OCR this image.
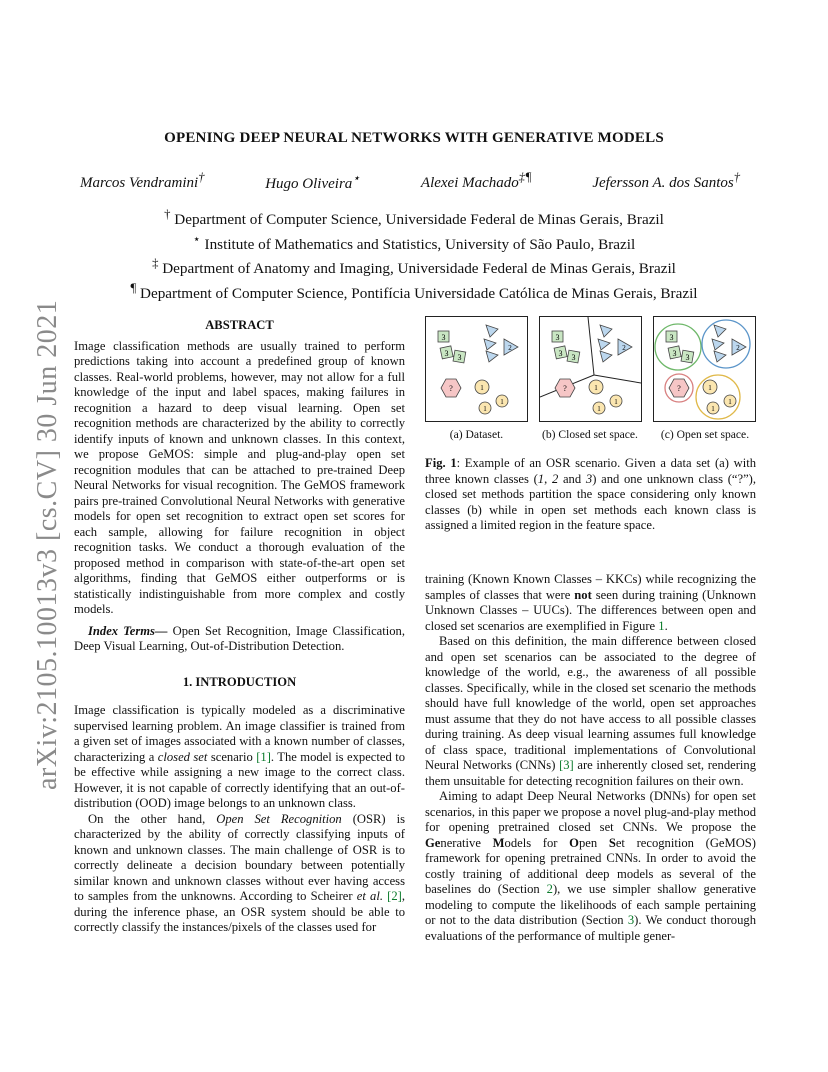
arXiv:2105.10013v3 [cs.CV] 30 Jun 2021
OPENING DEEP NEURAL NETWORKS WITH GENERATIVE MODELS
Marcos Vendramini†	Hugo Oliveira⋆	Alexei Machado‡¶	Jefersson A. dos Santos†
† Department of Computer Science, Universidade Federal de Minas Gerais, Brazil
⋆ Institute of Mathematics and Statistics, University of São Paulo, Brazil
‡ Department of Anatomy and Imaging, Universidade Federal de Minas Gerais, Brazil
¶ Department of Computer Science, Pontifícia Universidade Católica de Minas Gerais, Brazil

ABSTRACT

Image classification methods are usually trained to perform predictions taking into account a predefined group of known classes. Real-world problems, however, may not allow for a full knowledge of the input and label spaces, making failures in recognition a hazard to deep visual learning. Open set recognition methods are characterized by the ability to correctly identify inputs of known and unknown classes. In this context, we propose GeMOS: simple and plug-and-play open set recognition modules that can be attached to pre-trained Deep Neural Networks for visual recognition. The GeMOS framework pairs pre-trained Convolutional Neural Networks with generative models for open set recognition to extract open set scores for each sample, allowing for failure recognition in object recognition tasks. We conduct a thorough evaluation of the proposed method in comparison with state-of-the-art open set algorithms, finding that GeMOS either outperforms or is statistically indistinguishable from more complex and costly models.

Index Terms— Open Set Recognition, Image Classification, Deep Visual Learning, Out-of-Distribution Detection.

1. INTRODUCTION

Image classification is typically modeled as a discriminative supervised learning problem. An image classifier is trained from a given set of images associated with a known number of classes, characterizing a closed set scenario [1]. The model is expected to be effective while assigning a new image to the correct class. However, it is not capable of correctly identifying that an out-of-distribution (OOD) image belongs to an unknown class.

On the other hand, Open Set Recognition (OSR) is characterized by the ability of correctly classifying inputs of known and unknown classes. The main challenge of OSR is to correctly delineate a decision boundary between potentially similar known and unknown classes without ever having access to samples from the unknowns. According to Scheirer et al. [2], during the inference phase, an OSR system should be able to correctly classify the instances/pixels of the classes used for

3
3 3
2
?	1
1
1
3
3 3
2
?	1
1
1
3
3 3
2
?	1
1
1
(a) Dataset.	(b) Closed set space.	(c) Open set space.
Fig. 1: Example of an OSR scenario. Given a data set (a) with three known classes (1, 2 and 3) and one unknown class (“?”), closed set methods partition the space considering only known classes (b) while in open set methods each known class is assigned a limited region in the feature space.

training (Known Known Classes – KKCs) while recognizing the samples of classes that were not seen during training (Unknown Unknown Classes – UUCs). The differences between open and closed set scenarios are exemplified in Figure 1.

Based on this definition, the main difference between closed and open set scenarios can be associated to the degree of knowledge of the world, e.g., the awareness of all possible classes. Specifically, while in the closed set scenario the methods should have full knowledge of the world, open set approaches must assume that they do not have access to all possible classes during training. As deep visual learning assumes full knowledge of class space, traditional implementations of Convolutional Neural Networks (CNNs) [3] are inherently closed set, rendering them unsuitable for detecting recognition failures on their own.

Aiming to adapt Deep Neural Networks (DNNs) for open set scenarios, in this paper we propose a novel plug-and-play method for opening pretrained closed set CNNs. We propose the Generative Models for Open Set recognition (GeMOS) framework for opening pretrained CNNs. In order to avoid the costly training of additional deep models as several of the baselines do (Section 2), we use simpler shallow generative modeling to compute the likelihoods of each sample pertaining or not to the data distribution (Section 3). We conduct thorough evaluations of the performance of multiple gener-
